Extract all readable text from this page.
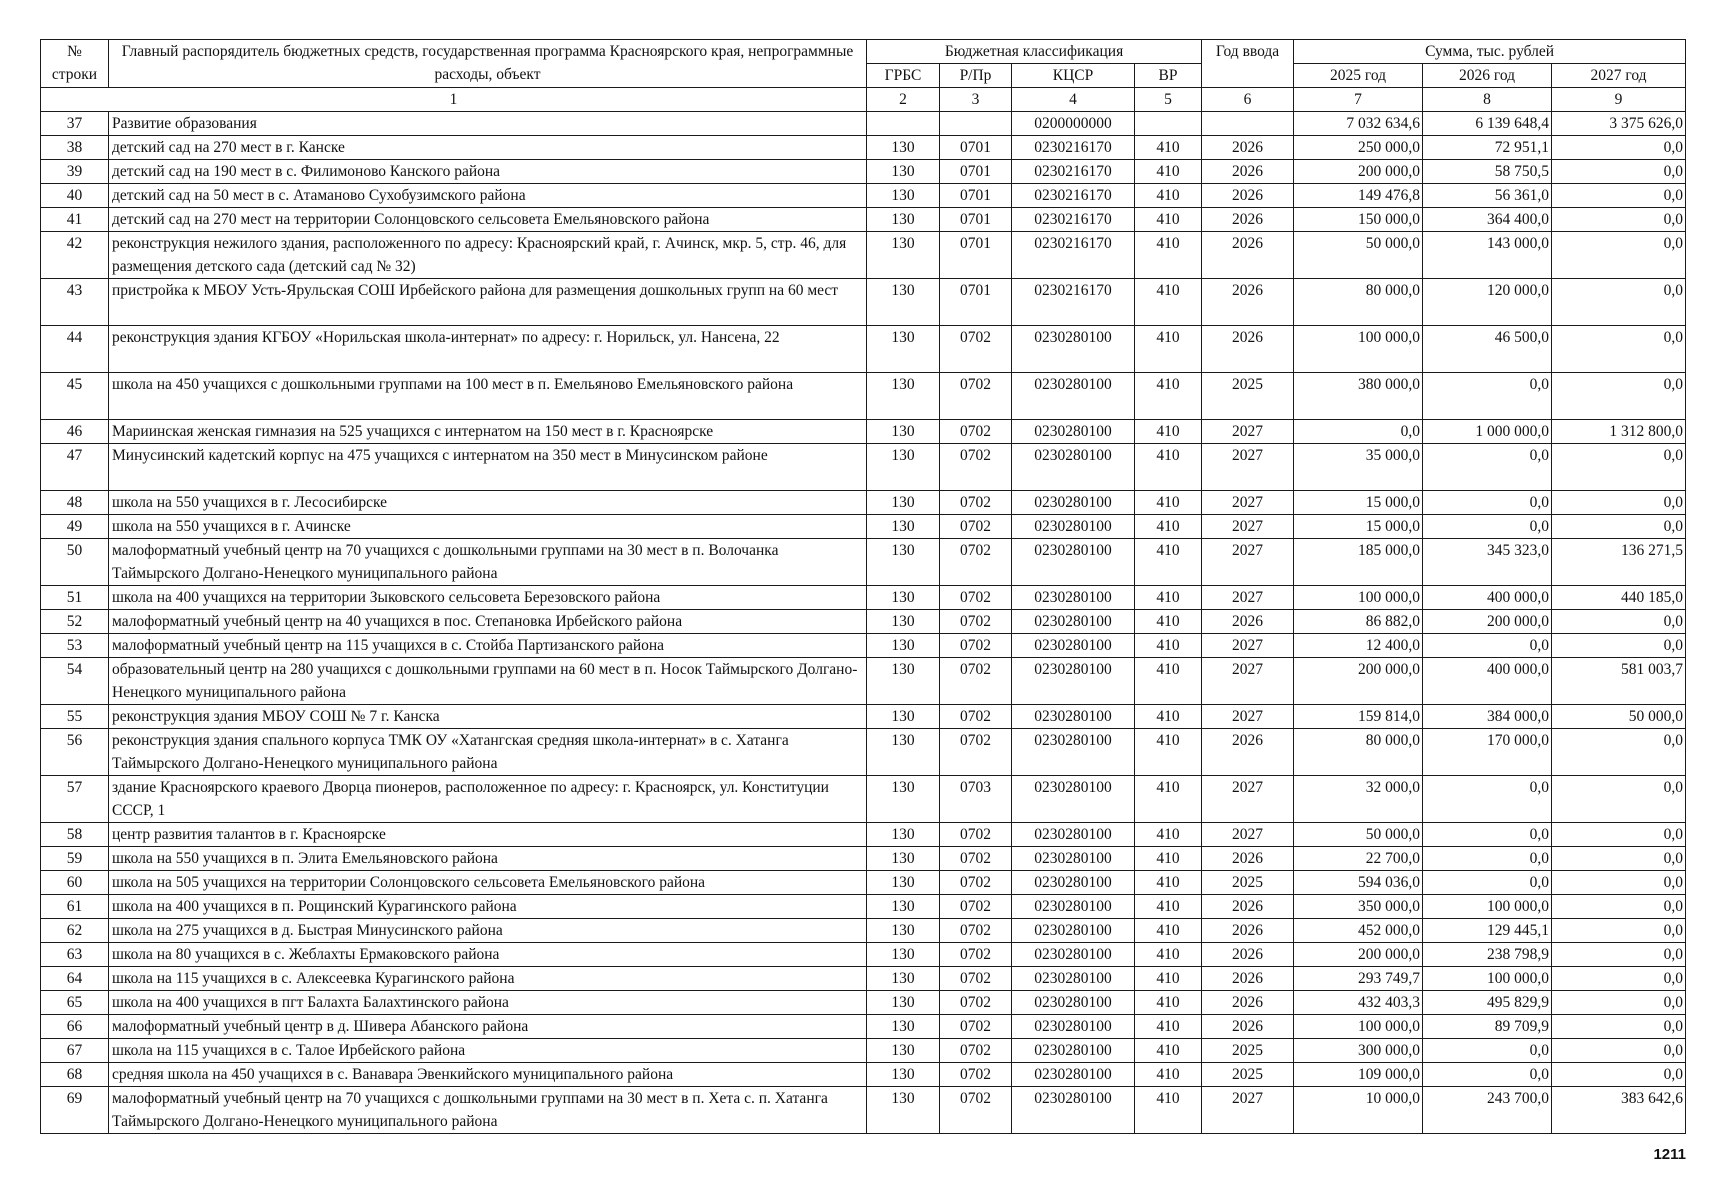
№
строки	Главный распорядитель бюджетных средств, государственная программа Красноярского края, непрограммные расходы, объект	Бюджетная классификация				Год ввода	Сумма, тыс. рублей		
		ГРБС	Р/Пр	КЦСР	ВР		2025 год	2026 год	2027 год
1		2	3	4	5	6	7	8	9
37	Развитие образования			0200000000			7 032 634,6	6 139 648,4	3 375 626,0
38	детский сад на 270 мест в г. Канске	130	0701	0230216170	410	2026	250 000,0	72 951,1	0,0
39	детский сад на 190 мест в с. Филимоново Канского района	130	0701	0230216170	410	2026	200 000,0	58 750,5	0,0
40	детский сад на 50 мест в с. Атаманово Сухобузимского района	130	0701	0230216170	410	2026	149 476,8	56 361,0	0,0
41	детский сад на 270 мест на территории Солонцовского сельсовета Емельяновского района	130	0701	0230216170	410	2026	150 000,0	364 400,0	0,0
42	реконструкция нежилого здания, расположенного по адресу: Красноярский край, г. Ачинск, мкр. 5, стр. 46, для размещения детского сада (детский сад № 32)	130	0701	0230216170	410	2026	50 000,0	143 000,0	0,0
43	пристройка к МБОУ Усть-Ярульская СОШ Ирбейского района для размещения дошкольных групп на 60 мест	130	0701	0230216170	410	2026	80 000,0	120 000,0	0,0
44	реконструкция здания КГБОУ «Норильская школа-интернат» по адресу: г. Норильск, ул. Нансена, 22	130	0702	0230280100	410	2026	100 000,0	46 500,0	0,0
45	школа на 450 учащихся с дошкольными группами на 100 мест в п. Емельяново Емельяновского района	130	0702	0230280100	410	2025	380 000,0	0,0	0,0
46	Мариинская женская гимназия на 525 учащихся с интернатом на 150 мест в г. Красноярске	130	0702	0230280100	410	2027	0,0	1 000 000,0	1 312 800,0
47	Минусинский кадетский корпус на 475 учащихся с интернатом на 350 мест в Минусинском районе	130	0702	0230280100	410	2027	35 000,0	0,0	0,0
48	школа на 550 учащихся в г. Лесосибирске	130	0702	0230280100	410	2027	15 000,0	0,0	0,0
49	школа на 550 учащихся в г. Ачинске	130	0702	0230280100	410	2027	15 000,0	0,0	0,0
50	малоформатный учебный центр на 70 учащихся с дошкольными группами на 30 мест в п. Волочанка Таймырского Долгано-Ненецкого муниципального района	130	0702	0230280100	410	2027	185 000,0	345 323,0	136 271,5
51	школа на 400 учащихся на территории Зыковского сельсовета Березовского района	130	0702	0230280100	410	2027	100 000,0	400 000,0	440 185,0
52	малоформатный учебный центр на 40 учащихся в пос. Степановка Ирбейского района	130	0702	0230280100	410	2026	86 882,0	200 000,0	0,0
53	малоформатный учебный центр на 115 учащихся в с. Стойба Партизанского района	130	0702	0230280100	410	2027	12 400,0	0,0	0,0
54	образовательный центр на 280 учащихся с дошкольными группами на 60 мест в п. Носок Таймырского Долгано-Ненецкого муниципального района	130	0702	0230280100	410	2027	200 000,0	400 000,0	581 003,7
55	реконструкция здания МБОУ СОШ № 7 г. Канска	130	0702	0230280100	410	2027	159 814,0	384 000,0	50 000,0
56	реконструкция здания спального корпуса ТМК ОУ «Хатангская средняя школа-интернат» в с. Хатанга Таймырского Долгано-Ненецкого муниципального района	130	0702	0230280100	410	2026	80 000,0	170 000,0	0,0
57	здание Красноярского краевого Дворца пионеров, расположенное по адресу: г. Красноярск, ул. Конституции СССР, 1	130	0703	0230280100	410	2027	32 000,0	0,0	0,0
58	центр развития талантов в г. Красноярске	130	0702	0230280100	410	2027	50 000,0	0,0	0,0
59	школа на 550 учащихся в п. Элита Емельяновского района	130	0702	0230280100	410	2026	22 700,0	0,0	0,0
60	школа на 505 учащихся на территории Солонцовского сельсовета Емельяновского района	130	0702	0230280100	410	2025	594 036,0	0,0	0,0
61	школа на 400 учащихся в п. Рощинский Курагинского района	130	0702	0230280100	410	2026	350 000,0	100 000,0	0,0
62	школа на 275 учащихся в д. Быстрая Минусинского района	130	0702	0230280100	410	2026	452 000,0	129 445,1	0,0
63	школа на 80 учащихся в с. Жеблахты Ермаковского района	130	0702	0230280100	410	2026	200 000,0	238 798,9	0,0
64	школа на 115 учащихся в с. Алексеевка Курагинского района	130	0702	0230280100	410	2026	293 749,7	100 000,0	0,0
65	школа на 400 учащихся в пгт Балахта Балахтинского района	130	0702	0230280100	410	2026	432 403,3	495 829,9	0,0
66	малоформатный учебный центр в д. Шивера Абанского района	130	0702	0230280100	410	2026	100 000,0	89 709,9	0,0
67	школа на 115 учащихся в с. Талое Ирбейского района	130	0702	0230280100	410	2025	300 000,0	0,0	0,0
68	средняя школа на 450 учащихся в с. Ванавара Эвенкийского муниципального района	130	0702	0230280100	410	2025	109 000,0	0,0	0,0
69	малоформатный учебный центр на 70 учащихся с дошкольными группами на 30 мест в п. Хета с. п. Хатанга Таймырского Долгано-Ненецкого муниципального района	130	0702	0230280100	410	2027	10 000,0	243 700,0	383 642,6
1211
